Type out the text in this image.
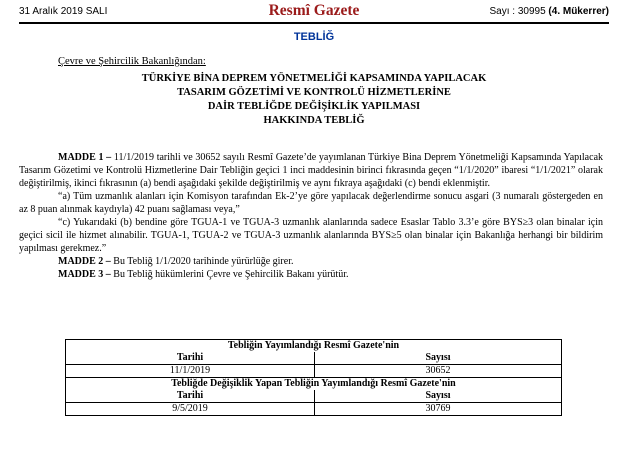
31 Aralık 2019 SALI	Resmî Gazete	Sayı : 30995 (4. Mükerrer)
TEBLİĞ
Çevre ve Şehircilik Bakanlığından:
TÜRKİYE BİNA DEPREM YÖNETMELİĞİ KAPSAMINDA YAPILACAK
TASARIM GÖZETİMİ VE KONTROLÜ HİZMETLERİNE
DAİR TEBLİĞDE DEĞİŞİKLİK YAPILMASI
HAKKINDA TEBLİĞ

MADDE 1 – 11/1/2019 tarihli ve 30652 sayılı Resmî Gazete’de yayımlanan Türkiye Bina Deprem Yönetmeliği Kapsamında Yapılacak Tasarım Gözetimi ve Kontrolü Hizmetlerine Dair Tebliğin geçici 1 inci maddesinin birinci fıkrasında geçen “1/1/2020” ibaresi “1/1/2021” olarak değiştirilmiş, ikinci fıkrasının (a) bendi aşağıdaki şekilde değiştirilmiş ve aynı fıkraya aşağıdaki (c) bendi eklenmiştir.

“a) Tüm uzmanlık alanları için Komisyon tarafından Ek-2’ye göre yapılacak değerlendirme sonucu asgari (3 numaralı göstergeden en az 8 puan alınmak kaydıyla) 42 puanı sağlaması veya,”

“c) Yukarıdaki (b) bendine göre TGUA-1 ve TGUA-3 uzmanlık alanlarında sadece Esaslar Tablo 3.3’e göre BYS≥3 olan binalar için geçici sicil ile hizmet alınabilir. TGUA-1, TGUA-2 ve TGUA-3 uzmanlık alanlarında BYS≥5 olan binalar için Bakanlığa herhangi bir bildirim yapılması gerekmez.”

MADDE 2 – Bu Tebliğ 1/1/2020 tarihinde yürürlüğe girer.

MADDE 3 – Bu Tebliğ hükümlerini Çevre ve Şehircilik Bakanı yürütür.

Tebliğin Yayımlandığı Resmî Gazete'nin	
Tarihi	Sayısı
11/1/2019	30652
Tebliğde Değişiklik Yapan Tebliğin Yayımlandığı Resmî Gazete'nin	
Tarihi	Sayısı
9/5/2019	30769
